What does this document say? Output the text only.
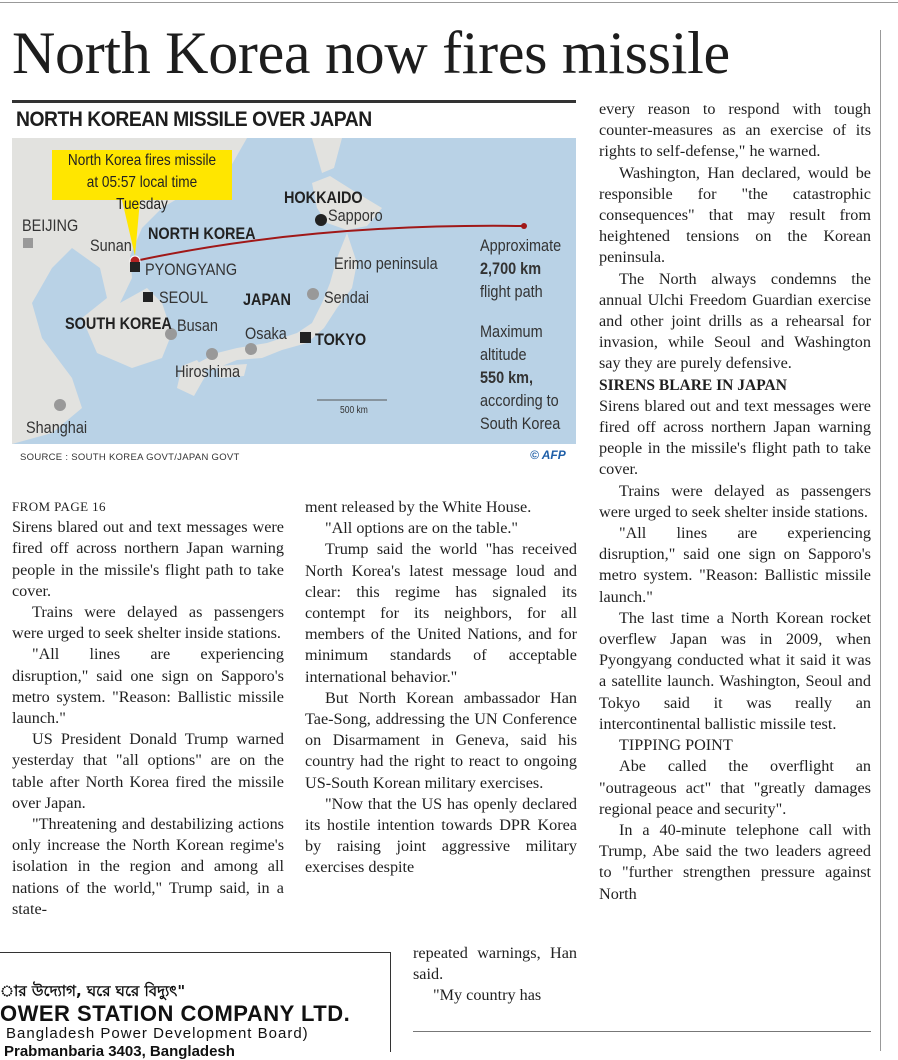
North Korea now fires missile
NORTH KOREAN MISSILE OVER JAPAN
North Korea fires missile
at 05:57 local time Tuesday
BEIJING
Sunan
NORTH KOREA
PYONGYANG
SEOUL
SOUTH KOREA Busan
Hiroshima
Osaka TOKYO
JAPAN Sendai
Erimo peninsula
HOKKAIDO
Sapporo
Shanghai
500 km
Approximate
2,700 km
flight path
Maximum
altitude
550 km,
according to
South Korea
SOURCE : SOUTH KOREA GOVT/JAPAN GOVT	© AFP

FROM PAGE 16

Sirens blared out and text messages were fired off across northern Japan warning people in the missile's flight path to take cover.

Trains were delayed as passengers were urged to seek shelter inside stations.

"All lines are experiencing disruption," said one sign on Sapporo's metro system. "Reason: Ballistic missile launch."

US President Donald Trump warned yesterday that "all options" are on the table after North Korea fired the missile over Japan.

"Threatening and destabilizing actions only increase the North Korean regime's isolation in the region and among all nations of the world," Trump said, in a state-

ment released by the White House.

"All options are on the table."

Trump said the world "has received North Korea's latest message loud and clear: this regime has signaled its contempt for its neighbors, for all members of the United Nations, and for minimum standards of acceptable international behavior."

But North Korean ambassador Han Tae-Song, addressing the UN Conference on Disarmament in Geneva, said his country had the right to react to ongoing US-South Korean military exercises.

"Now that the US has openly declared its hostile intention towards DPR Korea by raising joint aggressive military exercises despite

repeated warnings, Han said.

"My country has

every reason to respond with tough counter-measures as an exercise of its rights to self-defense," he warned.

Washington, Han declared, would be responsible for "the catastrophic consequences" that may result from heightened tensions on the Korean peninsula.

The North always condemns the annual Ulchi Freedom Guardian exercise and other joint drills as a rehearsal for invasion, while Seoul and Washington say they are purely defensive.

SIRENS BLARE IN JAPAN

Sirens blared out and text messages were fired off across northern Japan warning people in the missile's flight path to take cover.

Trains were delayed as passengers were urged to seek shelter inside stations.

"All lines are experiencing disruption," said one sign on Sapporo's metro system. "Reason: Ballistic missile launch."

The last time a North Korean rocket overflew Japan was in 2009, when Pyongyang conducted what it said it was a satellite launch. Washington, Seoul and Tokyo said it was really an intercontinental ballistic missile test.

TIPPING POINT

Abe called the overflight an "outrageous act" that "greatly damages regional peace and security".

In a 40-minute telephone call with Trump, Abe said the two leaders agreed to "further strengthen pressure against North

ার উদ্যোগ, ঘরে ঘরে বিদ্যুৎ"
OWER STATION COMPANY LTD.
Bangladesh Power Development Board)
Prabmanbaria 3403, Bangladesh
